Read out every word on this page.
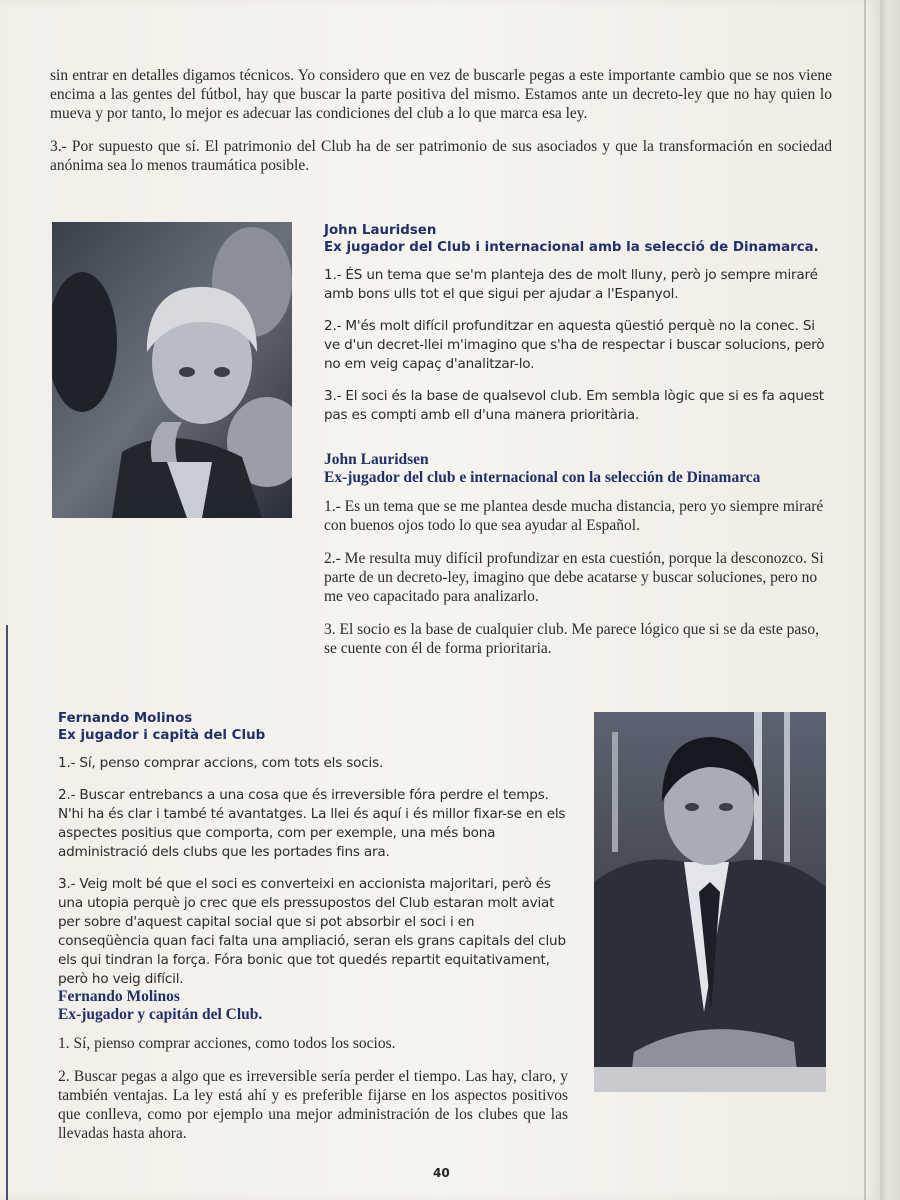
sin entrar en detalles digamos técnicos. Yo considero que en vez de buscarle pegas a este importante cambio que se nos viene encima a las gentes del fútbol, hay que buscar la parte positiva del mismo. Estamos ante un decreto-ley que no hay quien lo mueva y por tanto, lo mejor es adecuar las condiciones del club a lo que marca esa ley.

3.- Por supuesto que sí. El patrimonio del Club ha de ser patrimonio de sus asociados y que la transformación en sociedad anónima sea lo menos traumática posible.

John Lauridsen

Ex jugador del Club i internacional amb la selecció de Dinamarca.

1.- ÉS un tema que se'm planteja des de molt lluny, però jo sempre miraré amb bons ulls tot el que sigui per ajudar a l'Espanyol.

2.- M'és molt difícil profunditzar en aquesta qüestió perquè no la conec. Si ve d'un decret-llei m'imagino que s'ha de respectar i buscar solucions, però no em veig capaç d'analitzar-lo.

3.- El soci és la base de qualsevol club. Em sembla lògic que si es fa aquest pas es compti amb ell d'una manera prioritària.

John Lauridsen

Ex-jugador del club e internacional con la selección de Dinamarca

1.- Es un tema que se me plantea desde mucha distancia, pero yo siempre miraré con buenos ojos todo lo que sea ayudar al Español.

2.- Me resulta muy difícil profundizar en esta cuestión, porque la desconozco. Si parte de un decreto-ley, imagino que debe acatarse y buscar soluciones, pero no me veo capacitado para analizarlo.

3. El socio es la base de cualquier club. Me parece lógico que si se da este paso, se cuente con él de forma prioritaria.

Fernando Molinos

Ex jugador i capità del Club

1.- Sí, penso comprar accions, com tots els socis.

2.- Buscar entrebancs a una cosa que és irreversible fóra perdre el temps. N'hi ha és clar i també té avantatges. La llei és aquí i és millor fixar-se en els aspectes positius que comporta, com per exemple, una més bona administració dels clubs que les portades fins ara.

3.- Veig molt bé que el soci es converteixi en accionista majoritari, però és una utopia perquè jo crec que els pressupostos del Club estaran molt aviat per sobre d'aquest capital social que si pot absorbir el soci i en conseqüència quan faci falta una ampliació, seran els grans capitals del club els qui tindran la força. Fóra bonic que tot quedés repartit equitativament, però ho veig difícil.

Fernando Molinos

Ex-jugador y capitán del Club.

1. Sí, pienso comprar acciones, como todos los socios.

2. Buscar pegas a algo que es irreversible sería perder el tiempo. Las hay, claro, y también ventajas. La ley está ahí y es preferible fijarse en los aspectos positivos que conlleva, como por ejemplo una mejor administración de los clubes que las llevadas hasta ahora.

40
